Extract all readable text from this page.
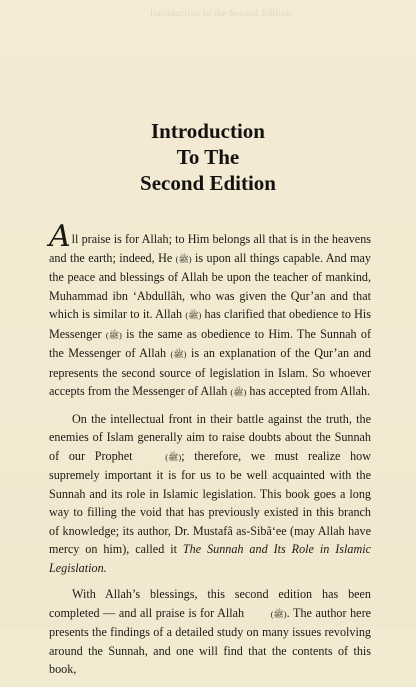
Introduction to the Second Edition
Introduction
To The
Second Edition

All praise is for Allah; to Him belongs all that is in the heavens and the earth; indeed, He (ﷺ) is upon all things capable. And may the peace and blessings of Allah be upon the teacher of mankind, Muhammad ibn ‘Abdullâh, who was given the Qur’an and that which is similar to it. Allah (ﷺ) has clarified that obedience to His Messenger (ﷺ) is the same as obedience to Him. The Sunnah of the Messenger of Allah (ﷺ) is an explanation of the Qur’an and represents the second source of legislation in Islam. So whoever accepts from the Messenger of Allah (ﷺ) has accepted from Allah.

On the intellectual front in their battle against the truth, the enemies of Islam generally aim to raise doubts about the Sunnah of our Prophet	(ﷺ); therefore, we must realize how supremely important it is for us to be well acquainted with the Sunnah and its role in Islamic legislation. This book goes a long way to filling the void that has previously existed in this branch of knowledge; its author, Dr. Mustafâ as-Sibâ‘ee (may Allah have mercy on him), called it The Sunnah and Its Role in Islamic Legislation.

With Allah’s blessings, this second edition has been completed — and all praise is for Allah	(ﷺ). The author here presents the findings of a detailed study on many issues revolving around the Sunnah, and one will find that the contents of this book,
